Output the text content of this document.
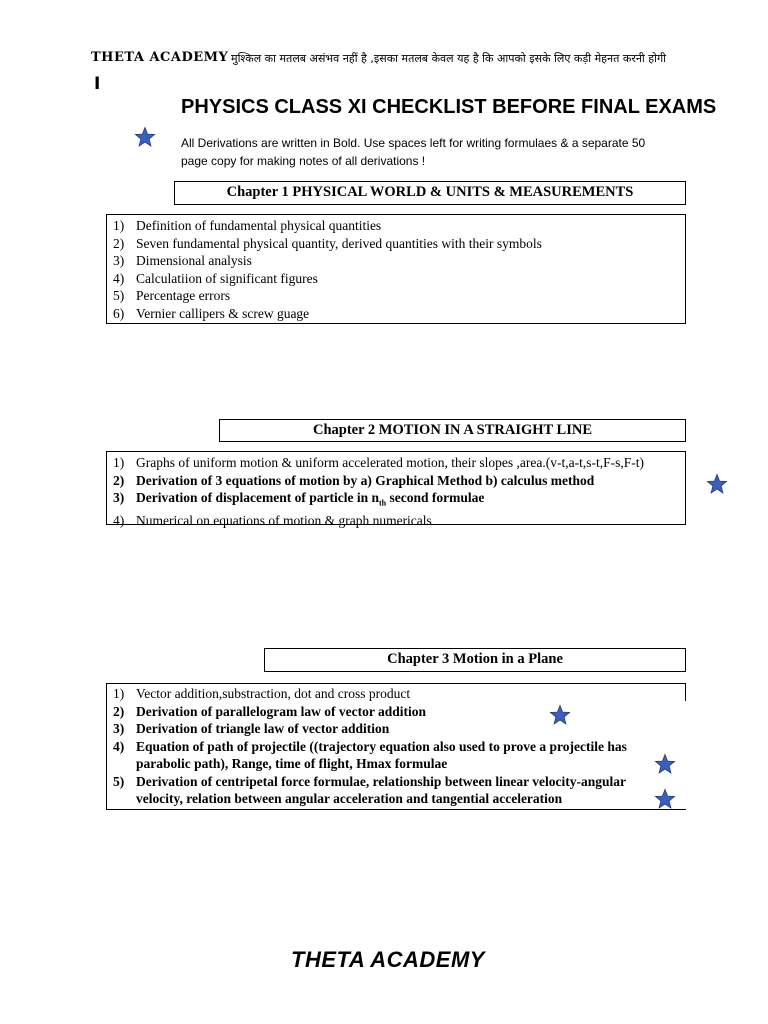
THETA ACADEMY मुश्किल का मतलब असंभव नहीं है ,इसका मतलब केवल यह है कि आपको इसके लिए कड़ी मेहनत करनी होगी
I
PHYSICS CLASS XI CHECKLIST BEFORE FINAL EXAMS
All Derivations are written in Bold. Use spaces left for writing formulaes & a separate 50 page copy for making notes of all derivations !
Chapter 1 PHYSICAL WORLD & UNITS & MEASUREMENTS
1) Definition of fundamental physical quantities
2) Seven fundamental physical quantity, derived quantities with their symbols
3) Dimensional analysis
4) Calculatiion of significant figures
5) Percentage errors
6) Vernier callipers & screw guage
Chapter 2 MOTION IN A STRAIGHT LINE
1) Graphs of uniform motion & uniform accelerated motion, their slopes ,area.(v-t,a-t,s-t,F-s,F-t)
2) Derivation of 3 equations of motion by a) Graphical Method b) calculus method
3) Derivation of displacement of particle in $n_{th}$ second formulae
4) Numerical on equations of motion & graph numericals
Chapter 3 Motion in a Plane
1) Vector addition,substraction, dot and cross product
2) Derivation of parallelogram law of vector addition
3) Derivation of triangle law of vector addition
4) Equation of path of projectile ((trajectory equation also used to prove a projectile has parabolic path), Range, time of flight, Hmax formulae
5) Derivation of centripetal force formulae, relationship between linear velocity-angular velocity, relation between angular acceleration and tangential acceleration
THETA ACADEMY
